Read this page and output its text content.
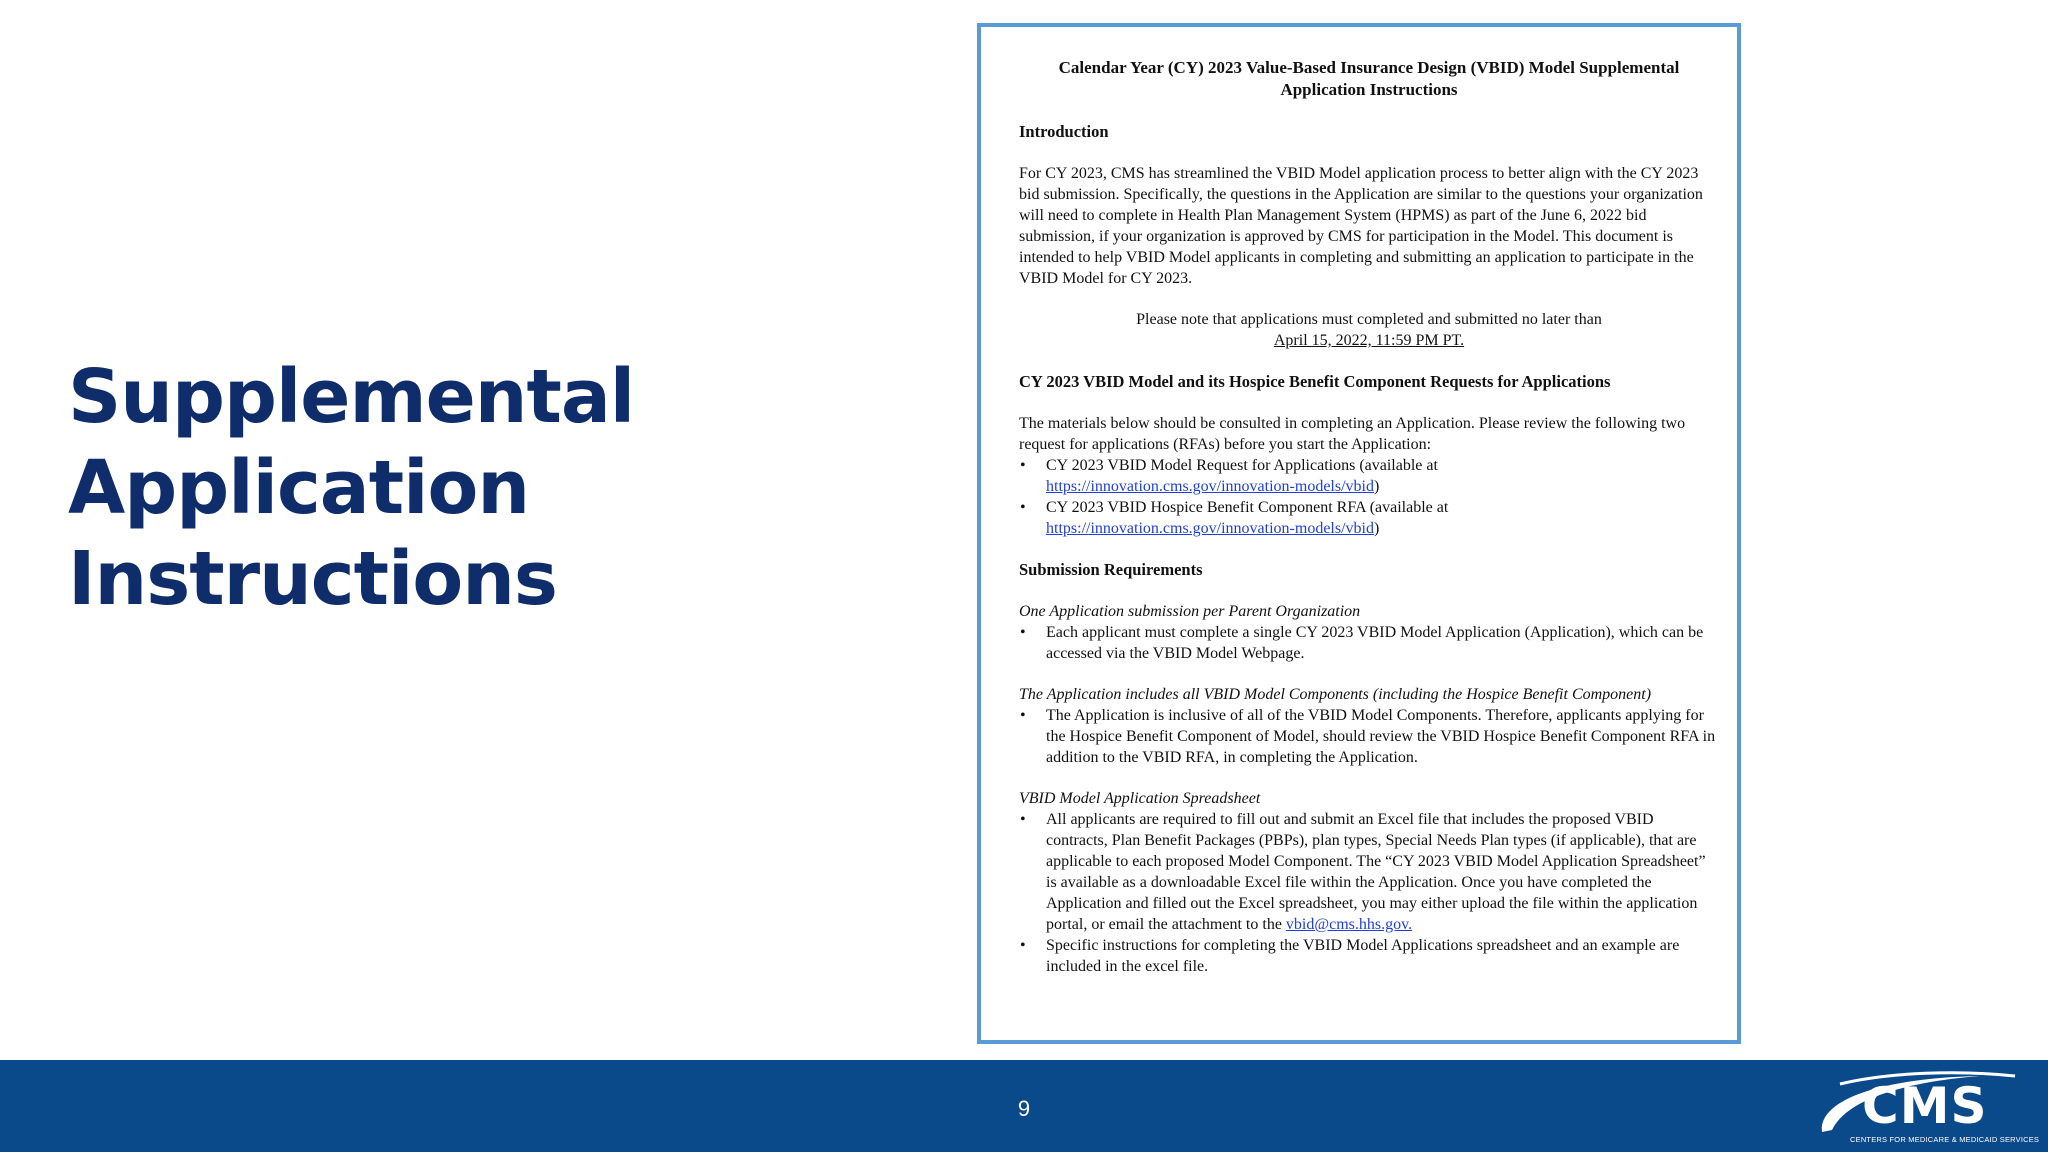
Supplemental
Application
Instructions
Calendar Year (CY) 2023 Value-Based Insurance Design (VBID) Model Supplemental
Application Instructions
Introduction

For CY 2023, CMS has streamlined the VBID Model application process to better align with the CY 2023 bid submission. Specifically, the questions in the Application are similar to the questions your organization will need to complete in Health Plan Management System (HPMS) as part of the June 6, 2022 bid submission, if your organization is approved by CMS for participation in the Model. This document is intended to help VBID Model applicants in completing and submitting an application to participate in the VBID Model for CY 2023.

Please note that applications must completed and submitted no later than
April 15, 2022, 11:59 PM PT.

CY 2023 VBID Model and its Hospice Benefit Component Requests for Applications

The materials below should be consulted in completing an Application. Please review the following two request for applications (RFAs) before you start the Application:

• CY 2023 VBID Model Request for Applications (available at
https://innovation.cms.gov/innovation-models/vbid)
• CY 2023 VBID Hospice Benefit Component RFA (available at
https://innovation.cms.gov/innovation-models/vbid)
Submission Requirements
One Application submission per Parent Organization
• Each applicant must complete a single CY 2023 VBID Model Application (Application), which can be accessed via the VBID Model Webpage.
The Application includes all VBID Model Components (including the Hospice Benefit Component)
• The Application is inclusive of all of the VBID Model Components. Therefore, applicants applying for the Hospice Benefit Component of Model, should review the VBID Hospice Benefit Component RFA in addition to the VBID RFA, in completing the Application.
VBID Model Application Spreadsheet
• All applicants are required to fill out and submit an Excel file that includes the proposed VBID contracts, Plan Benefit Packages (PBPs), plan types, Special Needs Plan types (if applicable), that are applicable to each proposed Model Component. The “CY 2023 VBID Model Application Spreadsheet” is available as a downloadable Excel file within the Application. Once you have completed the Application and filled out the Excel spreadsheet, you may either upload the file within the application portal, or email the attachment to the vbid@cms.hhs.gov.
• Specific instructions for completing the VBID Model Applications spreadsheet and an example are included in the excel file.
9	CMS
CENTERS FOR MEDICARE & MEDICAID SERVICES
